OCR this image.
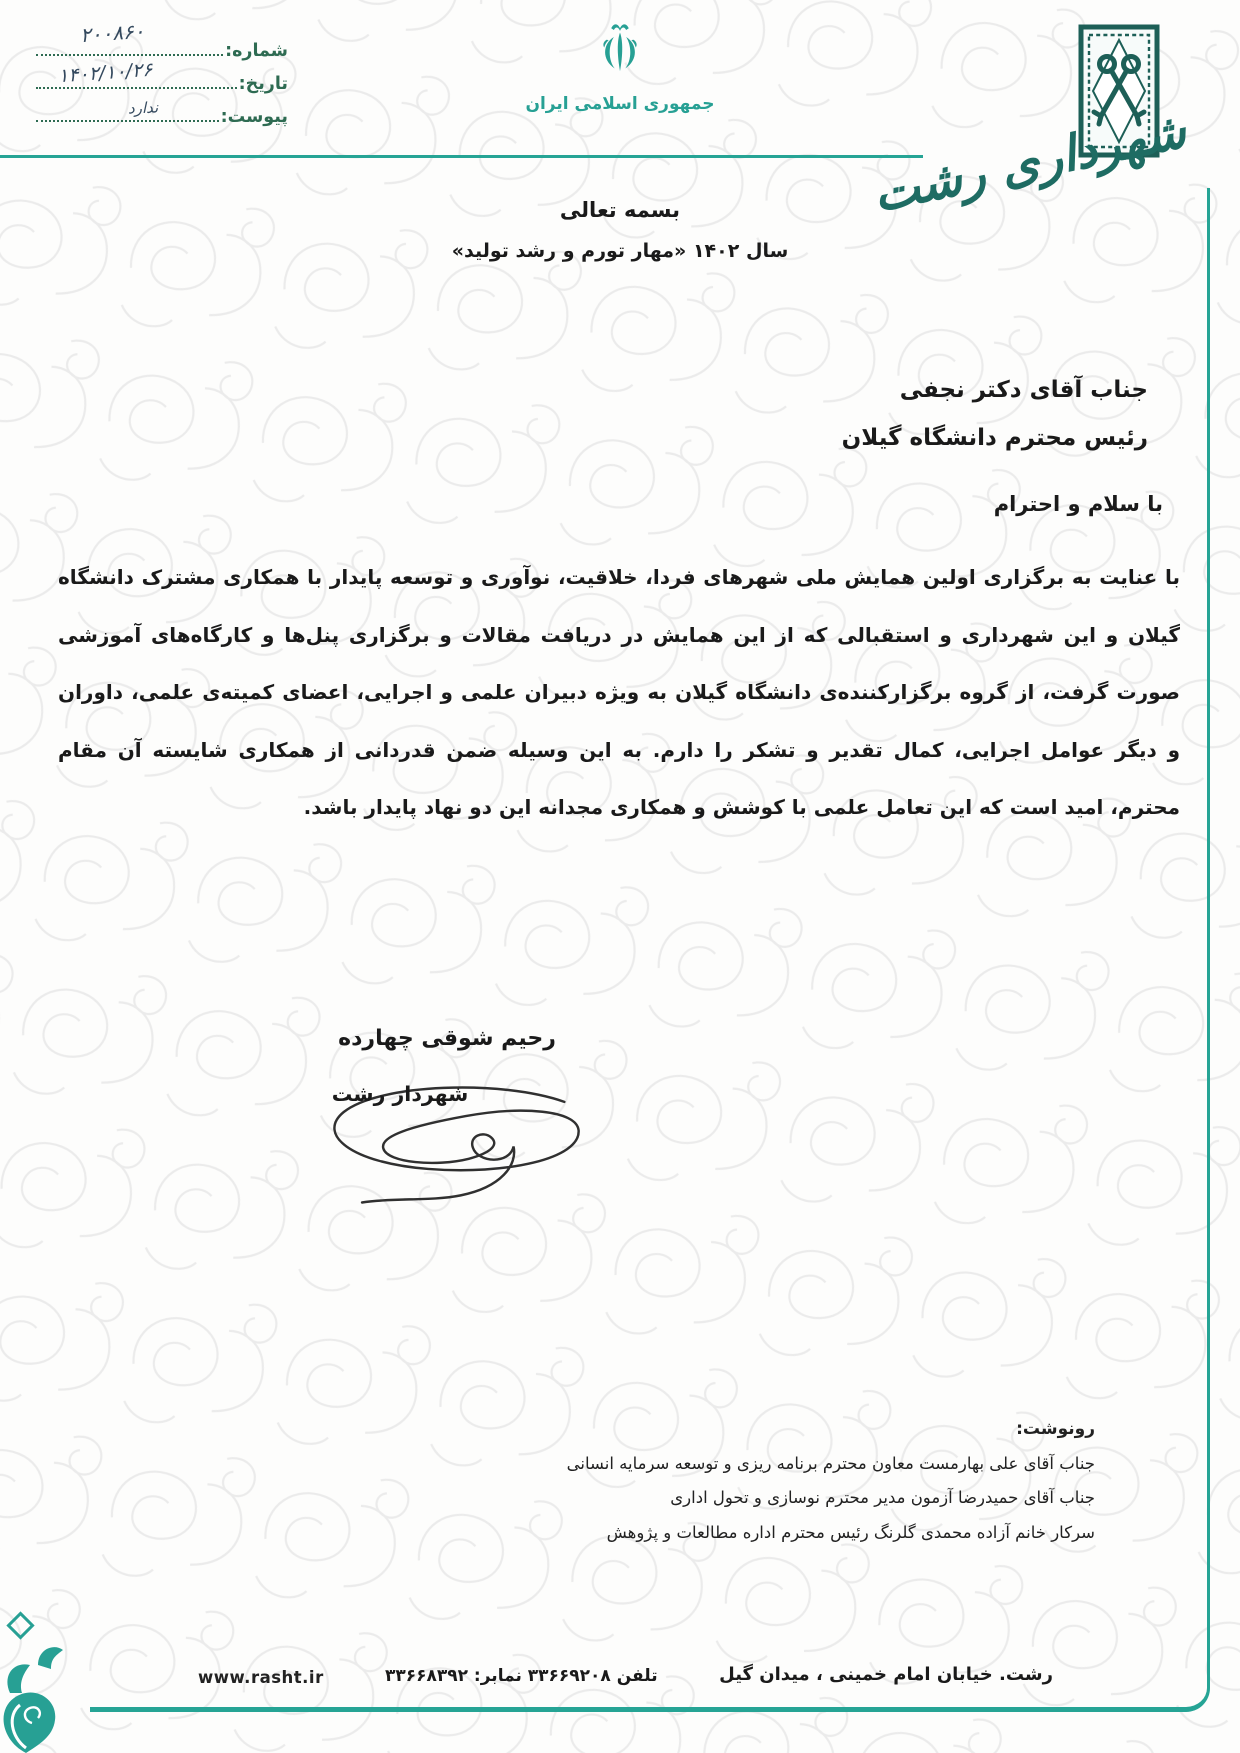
شماره:
۲۰۰۸۶۰
تاریخ:
۱۴۰۲/۱۰/۲۶
پیوست:
ندارد	جمهوری اسلامی ایران	شهرداری رشت
بسمه تعالی
سال ۱۴۰۲ «مهار تورم و رشد تولید»
جناب آقای دکتر نجفی
رئیس محترم دانشگاه گیلان
با سلام و احترام
با عنایت به برگزاری اولین همایش ملی شهرهای فردا، خلاقیت، نوآوری و توسعه پایدار با همکاری مشترک دانشگاه گیلان و این شهرداری و استقبالی که از این همایش در دریافت مقالات و برگزاری پنل‌ها و کارگاه‌های آموزشی صورت گرفت، از گروه برگزارکننده‌ی دانشگاه گیلان به ویژه دبیران علمی و اجرایی، اعضای کمیته‌ی علمی، داوران و دیگر عوامل اجرایی، کمال تقدیر و تشکر را دارم. به این وسیله ضمن قدردانی از همکاری شایسته آن مقام محترم، امید است که این تعامل علمی با کوشش و همکاری مجدانه این دو نهاد پایدار باشد.
رحیم شوقی چهارده
شهردار رشت
رونوشت:
جناب آقای علی بهارمست معاون محترم برنامه ریزی و توسعه سرمایه انسانی
جناب آقای حمیدرضا آزمون مدیر محترم نوسازی و تحول اداری
سرکار خانم آزاده محمدی گلرنگ رئیس محترم اداره مطالعات و پژوهش
رشت. خیابان امام خمینی ، میدان گیل
تلفن ۳۳۶۶۹۲۰۸ نمابر: ۳۳۶۶۸۳۹۲
www.rasht.ir
